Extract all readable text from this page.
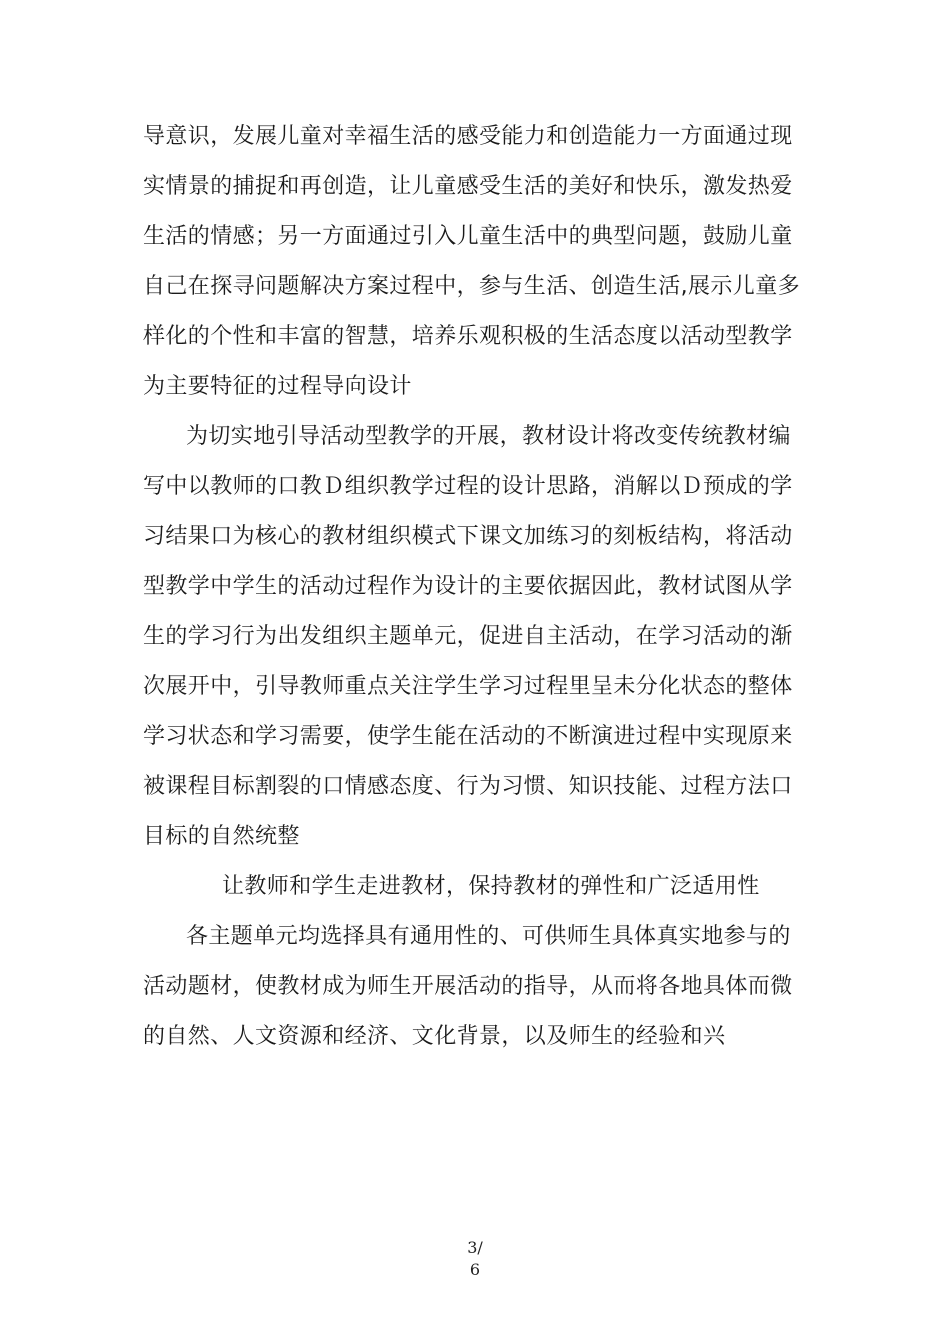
导意识，发展儿童对幸福生活的感受能力和创造能力一方面通过现
实情景的捕捉和再创造，让儿童感受生活的美好和快乐，激发热爱
生活的情感；另一方面通过引入儿童生活中的典型问题，鼓励儿童
自己在探寻问题解决方案过程中，参与生活、创造生活,展示儿童多
样化的个性和丰富的智慧，培养乐观积极的生活态度以活动型教学
为主要特征的过程导向设计
为切实地引导活动型教学的开展，教材设计将改变传统教材编
写中以教师的口教Ｄ组织教学过程的设计思路，消解以Ｄ预成的学
习结果口为核心的教材组织模式下课文加练习的刻板结构，将活动
型教学中学生的活动过程作为设计的主要依据因此，教材试图从学
生的学习行为出发组织主题单元，促进自主活动，在学习活动的渐
次展开中，引导教师重点关注学生学习过程里呈未分化状态的整体
学习状态和学习需要，使学生能在活动的不断演进过程中实现原来
被课程目标割裂的口情感态度、行为习惯、知识技能、过程方法口
目标的自然统整
让教师和学生走进教材，保持教材的弹性和广泛适用性
各主题单元均选择具有通用性的、可供师生具体真实地参与的
活动题材，使教材成为师生开展活动的指导，从而将各地具体而微
的自然、人文资源和经济、文化背景，以及师生的经验和兴
3/
6
